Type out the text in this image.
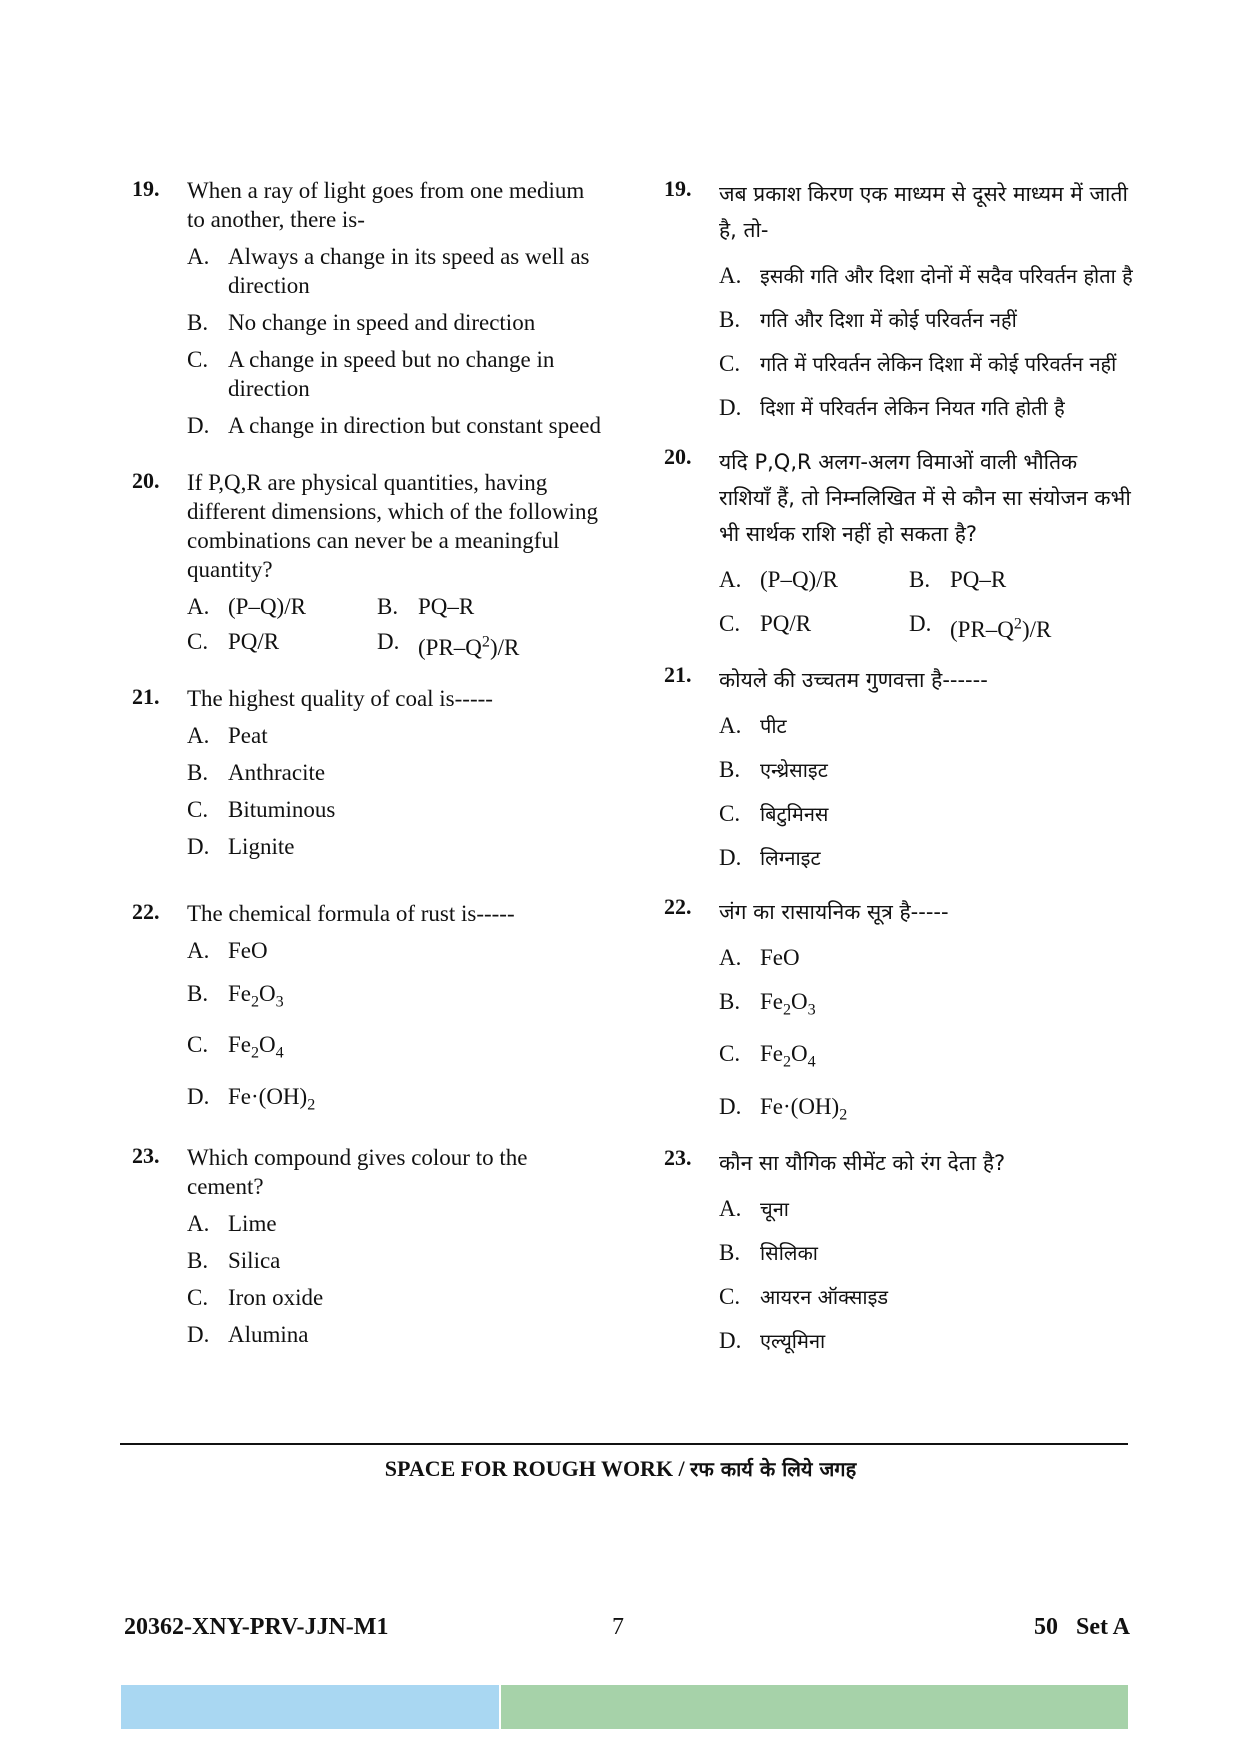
19. When a ray of light goes from one medium to another, there is-
A. Always a change in its speed as well as direction
B. No change in speed and direction
C. A change in speed but no change in direction
D. A change in direction but constant speed
20. If P,Q,R are physical quantities, having different dimensions, which of the following combinations can never be a meaningful quantity?
A. (P–Q)/R	B. PQ–R
C. PQ/R	D. $(PR-Q^2)/R$
21. The highest quality of coal is-----
A. Peat
B. Anthracite
C. Bituminous
D. Lignite
22. The chemical formula of rust is-----
A. FeO
B. $Fe_2O_3$
C. $Fe_2O_4$
D. $Fe\cdot(OH)_2$
23. Which compound gives colour to the cement?
A. Lime
B. Silica
C. Iron oxide
D. Alumina
19. जब प्रकाश किरण एक माध्यम से दूसरे माध्यम में जाती है, तो-
A. इसकी गति और दिशा दोनों में सदैव परिवर्तन होता है
B. गति और दिशा में कोई परिवर्तन नहीं
C. गति में परिवर्तन लेकिन दिशा में कोई परिवर्तन नहीं
D. दिशा में परिवर्तन लेकिन नियत गति होती है
20. यदि P,Q,R अलग-अलग विमाओं वाली भौतिक राशियाँ हैं, तो निम्नलिखित में से कौन सा संयोजन कभी भी सार्थक राशि नहीं हो सकता है?
A. (P–Q)/R	B. PQ–R
C. PQ/R	D. $(PR-Q^2)/R$
21. कोयले की उच्चतम गुणवत्ता है------
A. पीट
B. एन्थ्रेसाइट
C. बिटुमिनस
D. लिग्नाइट
22. जंग का रासायनिक सूत्र है-----
A. FeO
B. $Fe_2O_3$
C. $Fe_2O_4$
D. $Fe\cdot(OH)_2$
23. कौन सा यौगिक सीमेंट को रंग देता है?
A. चूना
B. सिलिका
C. आयरन ऑक्साइड
D. एल्यूमिना
SPACE FOR ROUGH WORK / रफ कार्य के लिये जगह
20362-XNY-PRV-JJN-M1	7	50   Set A
